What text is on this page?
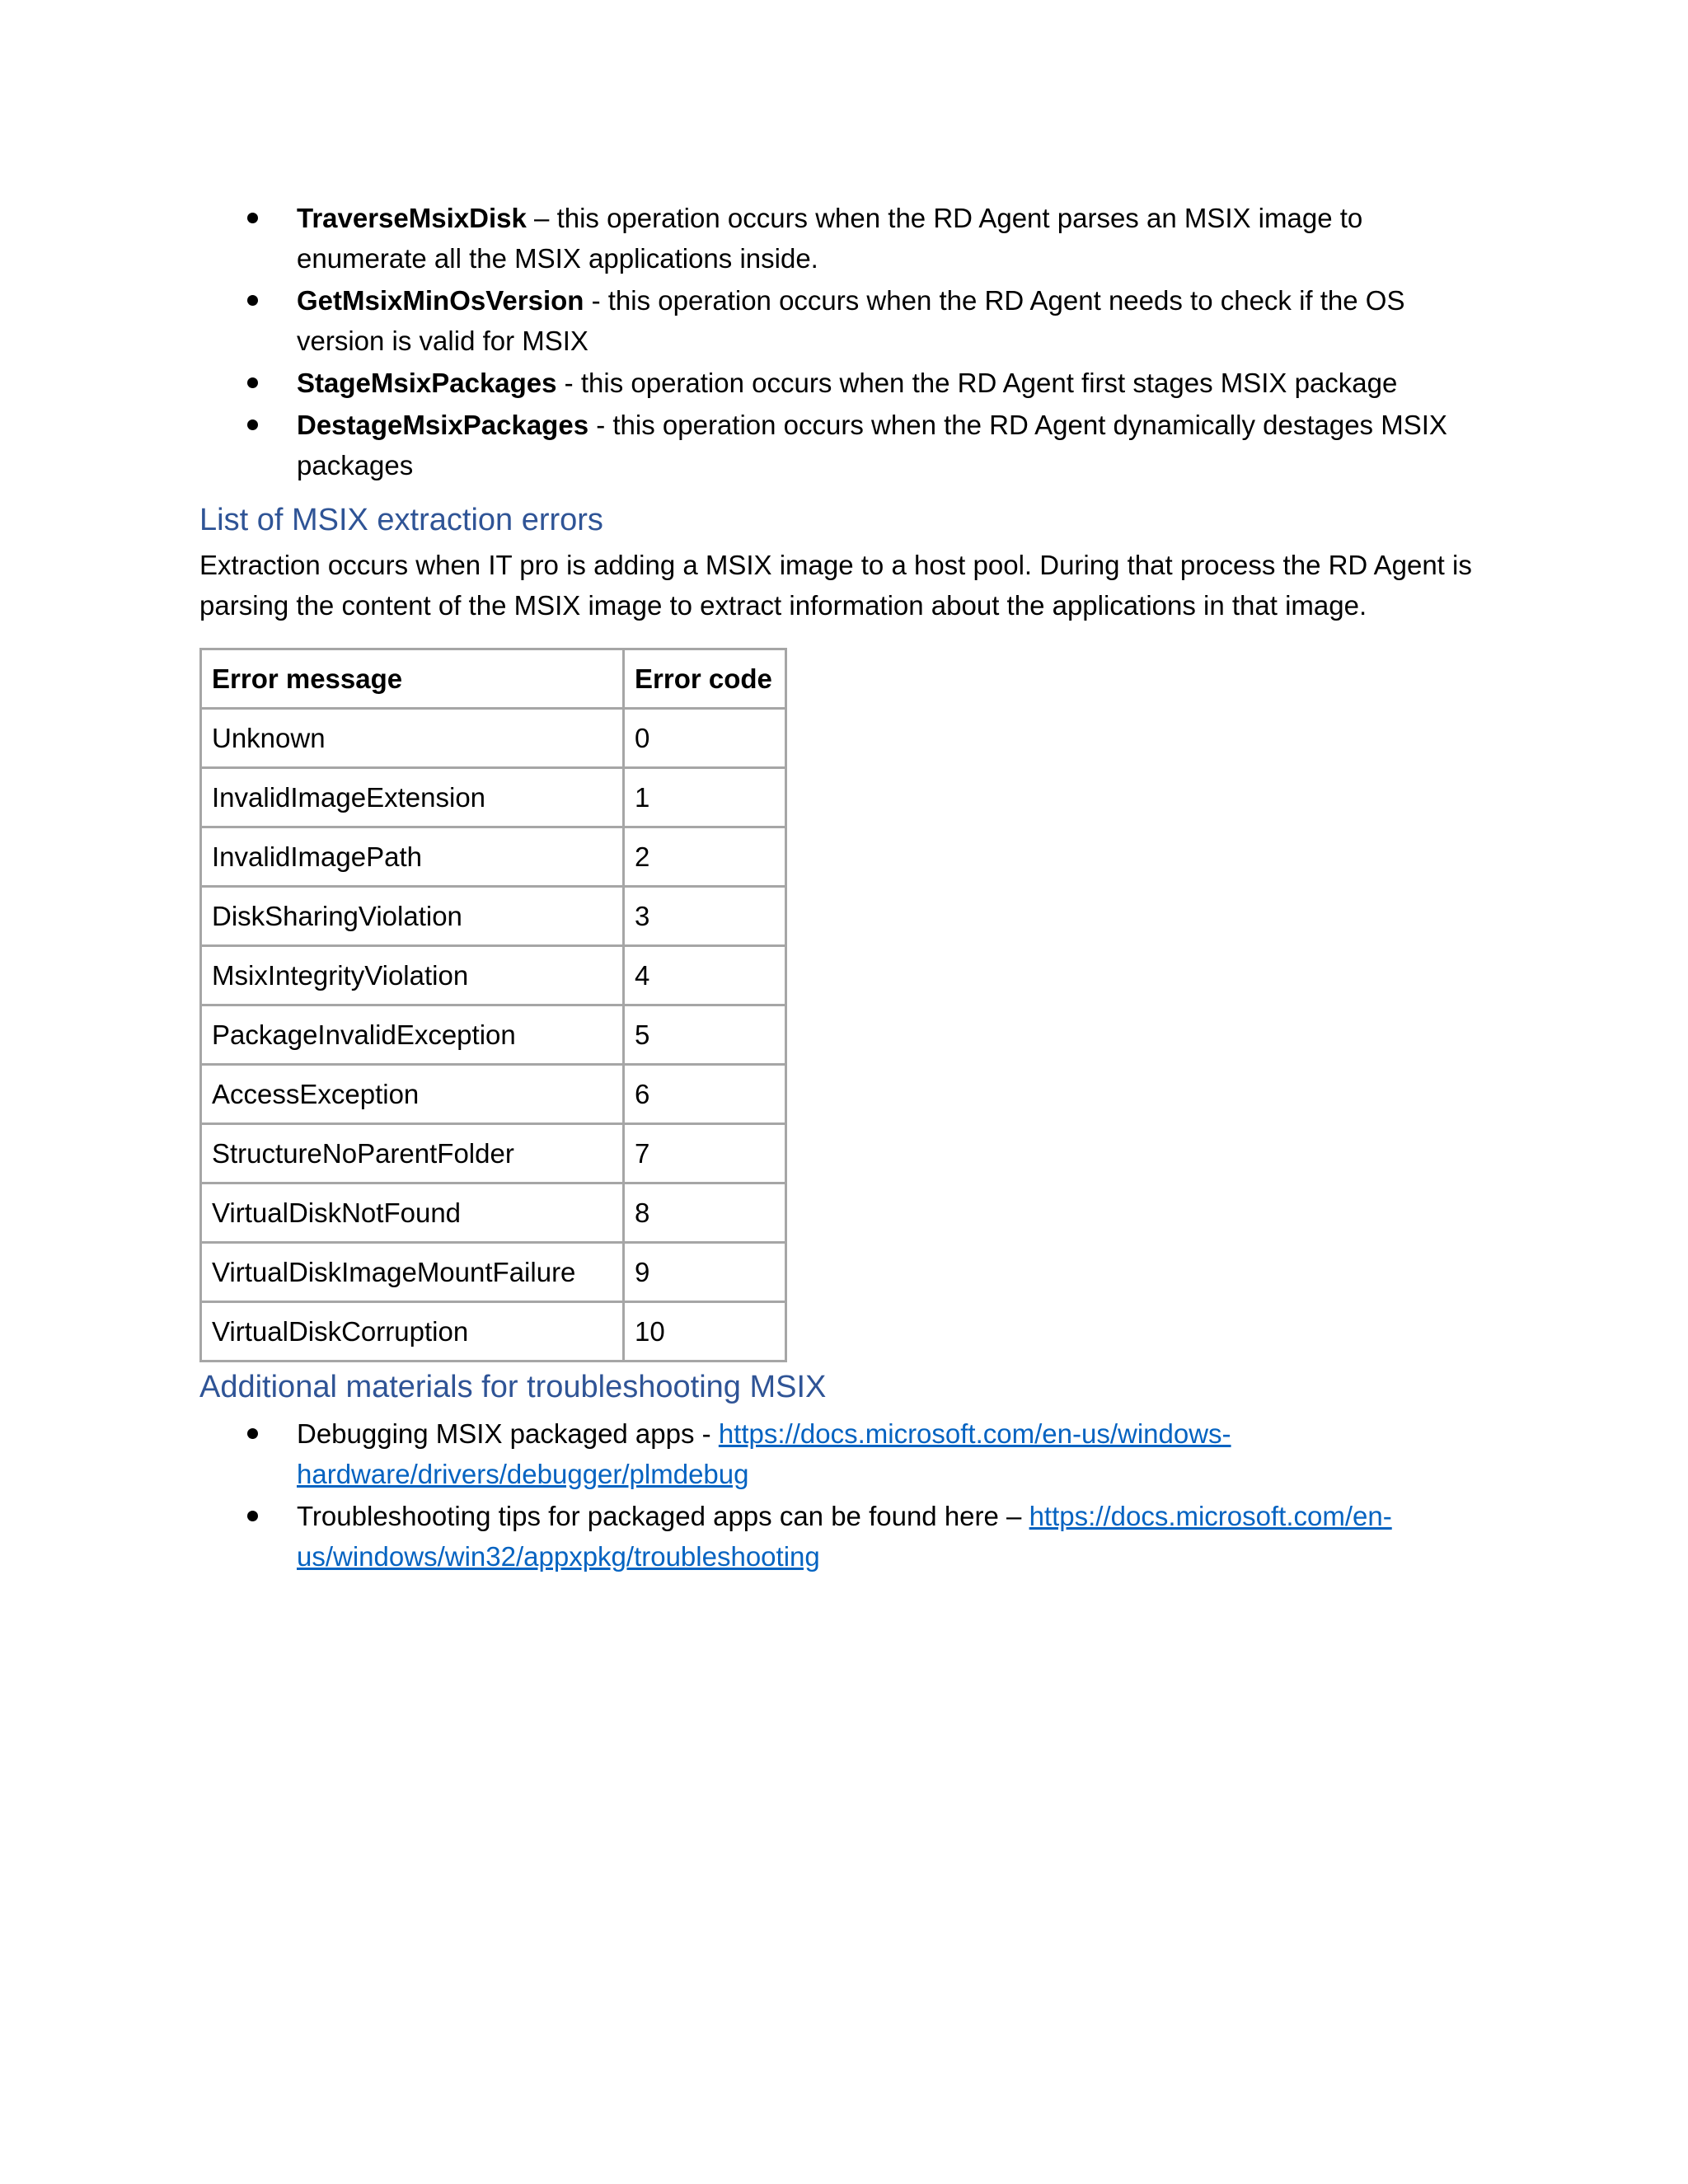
TraverseMsixDisk – this operation occurs when the RD Agent parses an MSIX image to enumerate all the MSIX applications inside.
GetMsixMinOsVersion - this operation occurs when the RD Agent needs to check if the OS version is valid for MSIX
StageMsixPackages - this operation occurs when the RD Agent first stages MSIX package
DestageMsixPackages - this operation occurs when the RD Agent dynamically destages MSIX packages
List of MSIX extraction errors

Extraction occurs when IT pro is adding a MSIX image to a host pool. During that process the RD Agent is parsing the content of the MSIX image to extract information about the applications in that image.

Error message	Error code
Unknown	0
InvalidImageExtension	1
InvalidImagePath	2
DiskSharingViolation	3
MsixIntegrityViolation	4
PackageInvalidException	5
AccessException	6
StructureNoParentFolder	7
VirtualDiskNotFound	8
VirtualDiskImageMountFailure	9
VirtualDiskCorruption	10
Additional materials for troubleshooting MSIX
Debugging MSIX packaged apps - https://docs.microsoft.com/en-us/windows-hardware/drivers/debugger/plmdebug
Troubleshooting tips for packaged apps can be found here – https://docs.microsoft.com/en-us/windows/win32/appxpkg/troubleshooting
